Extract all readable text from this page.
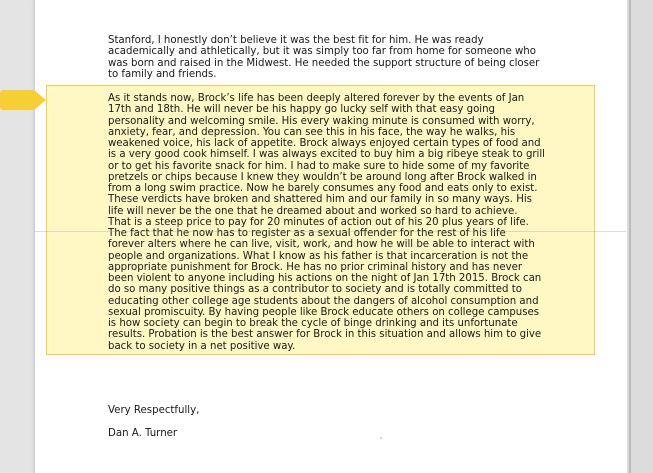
Stanford, I honestly don’t believe it was the best fit for him. He was ready
academically and athletically, but it was simply too far from home for someone who
was born and raised in the Midwest. He needed the support structure of being closer
to family and friends.
As it stands now, Brock’s life has been deeply altered forever by the events of Jan
17th and 18th. He will never be his happy go lucky self with that easy going
personality and welcoming smile. His every waking minute is consumed with worry,
anxiety, fear, and depression. You can see this in his face, the way he walks, his
weakened voice, his lack of appetite. Brock always enjoyed certain types of food and
is a very good cook himself. I was always excited to buy him a big ribeye steak to grill
or to get his favorite snack for him. I had to make sure to hide some of my favorite
pretzels or chips because I knew they wouldn’t be around long after Brock walked in
from a long swim practice. Now he barely consumes any food and eats only to exist.
These verdicts have broken and shattered him and our family in so many ways. His
life will never be the one that he dreamed about and worked so hard to achieve.
That is a steep price to pay for 20 minutes of action out of his 20 plus years of life.
The fact that he now has to register as a sexual offender for the rest of his life
forever alters where he can live, visit, work, and how he will be able to interact with
people and organizations. What I know as his father is that incarceration is not the
appropriate punishment for Brock. He has no prior criminal history and has never
been violent to anyone including his actions on the night of Jan 17th 2015. Brock can
do so many positive things as a contributor to society and is totally committed to
educating other college age students about the dangers of alcohol consumption and
sexual promiscuity. By having people like Brock educate others on college campuses
is how society can begin to break the cycle of binge drinking and its unfortunate
results. Probation is the best answer for Brock in this situation and allows him to give
back to society in a net positive way.
Very Respectfully,
Dan A. Turner
